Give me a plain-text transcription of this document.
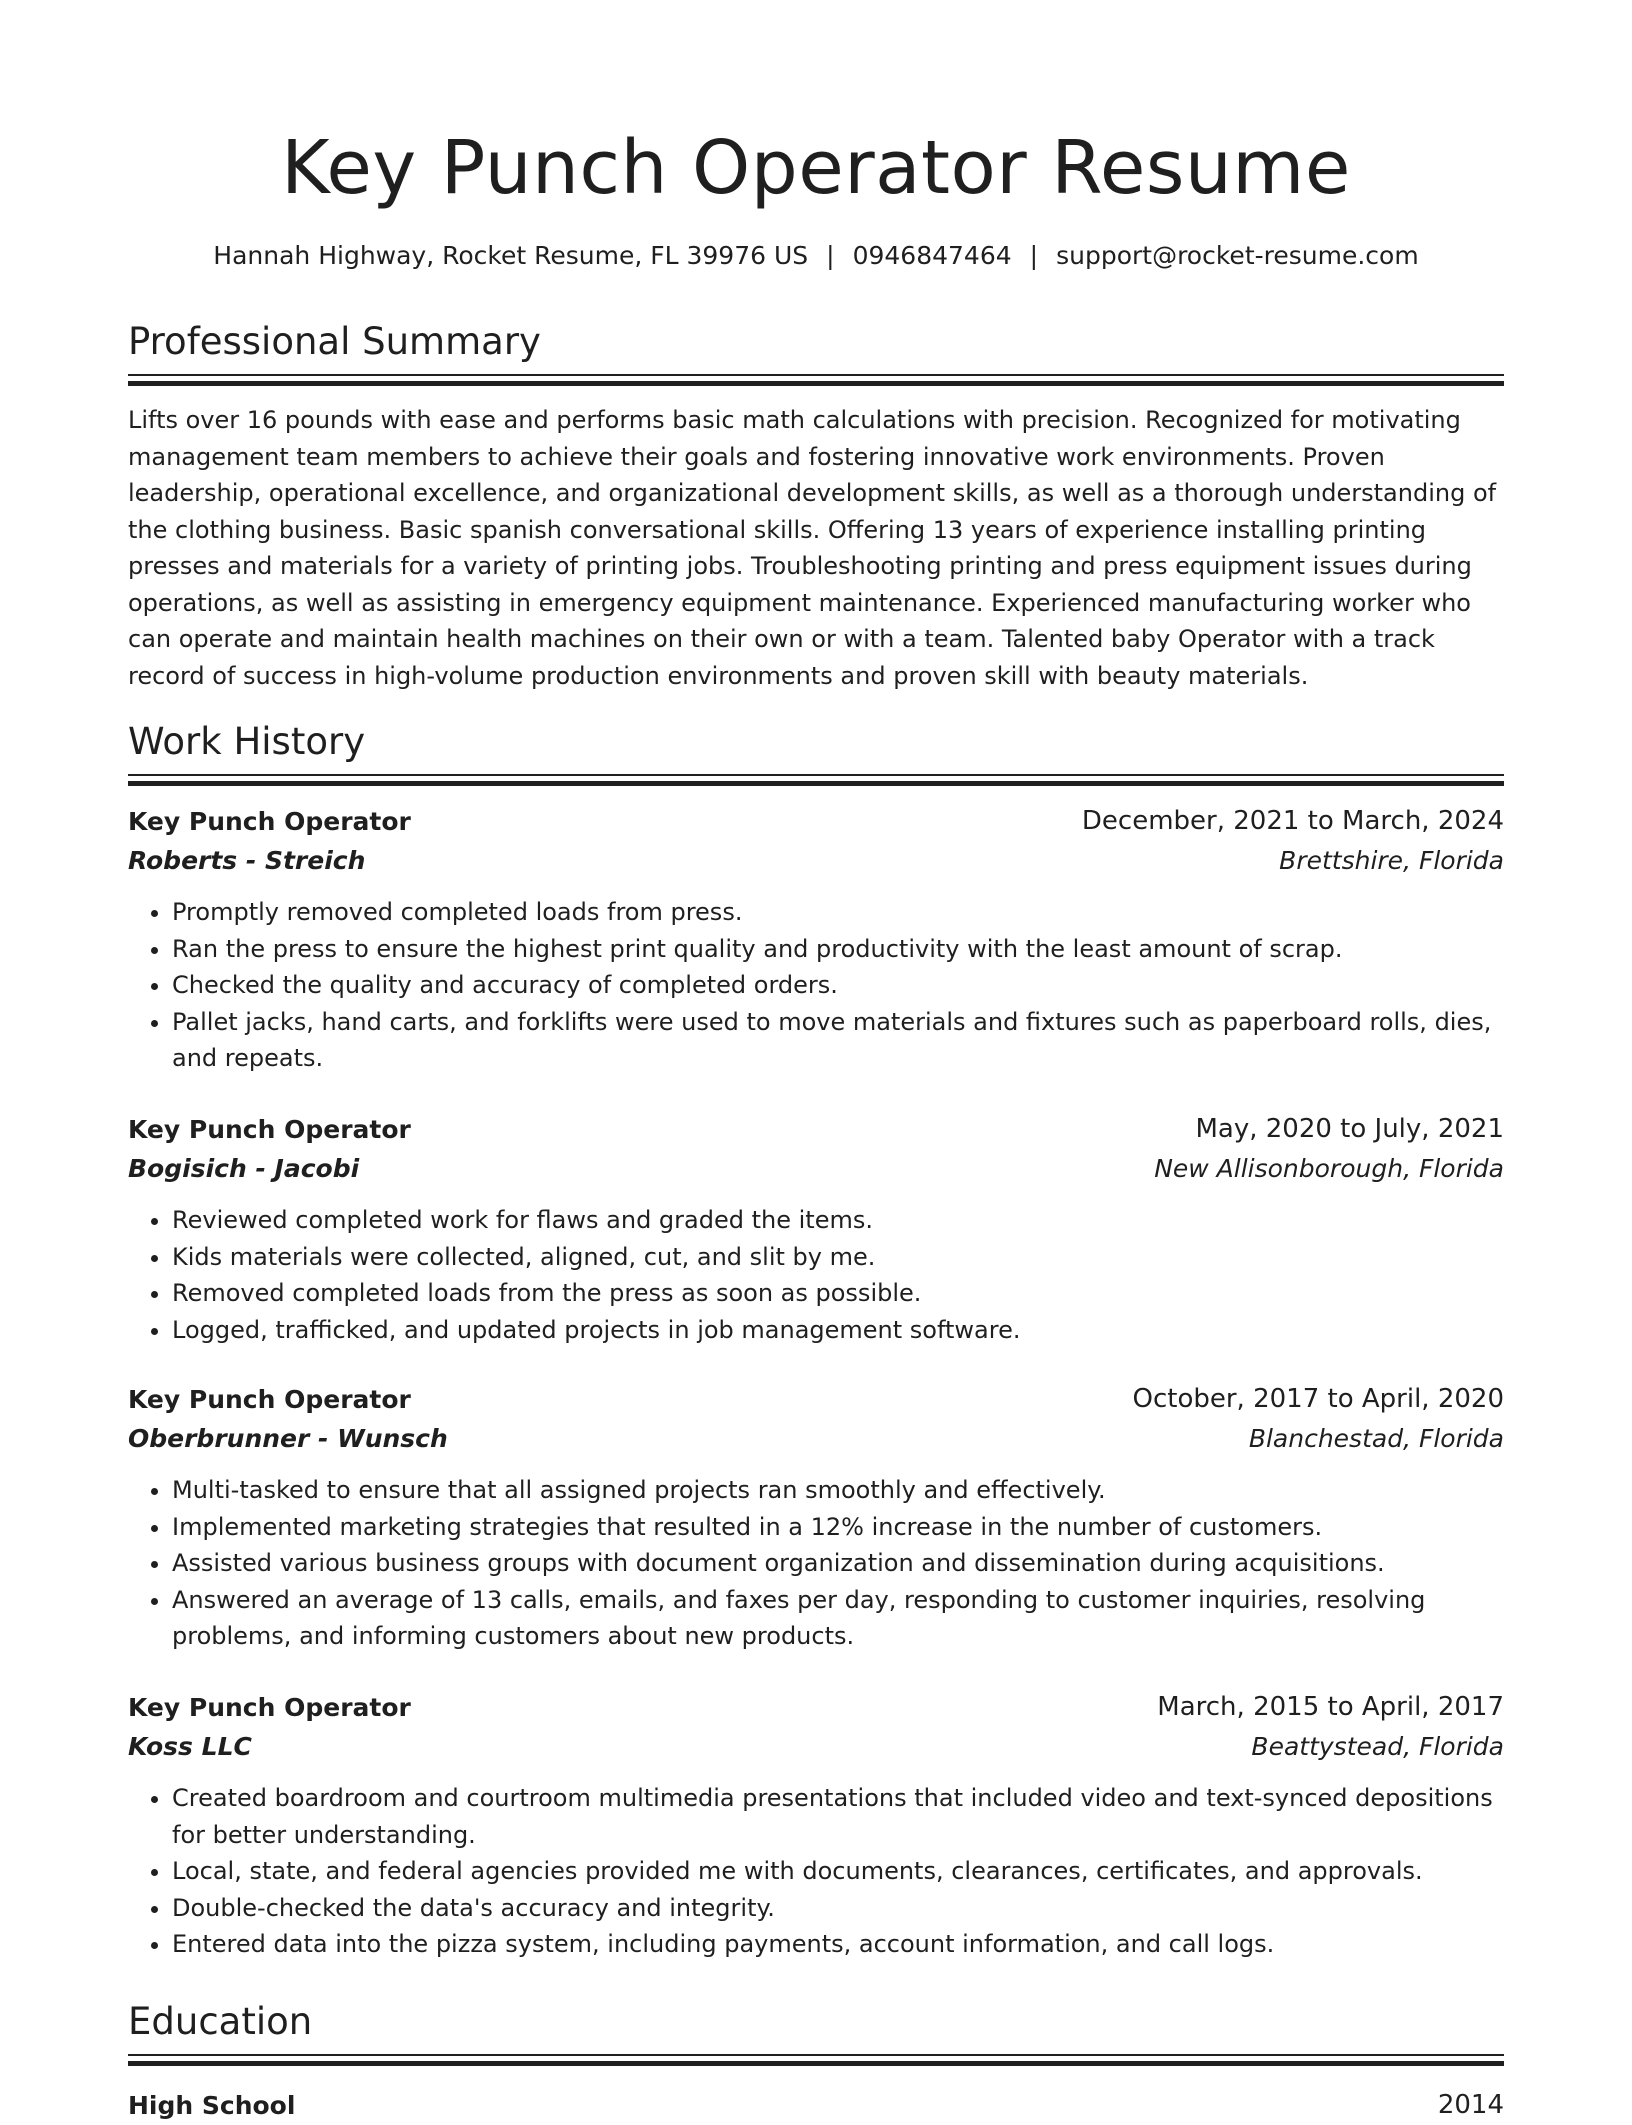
Key Punch Operator Resume
Hannah Highway, Rocket Resume, FL 39976 US | 0946847464 | support@rocket-resume.com
Professional Summary

Lifts over 16 pounds with ease and performs basic math calculations with precision. Recognized for motivating management team members to achieve their goals and fostering innovative work environments. Proven leadership, operational excellence, and organizational development skills, as well as a thorough understanding of the clothing business. Basic spanish conversational skills. Offering 13 years of experience installing printing presses and materials for a variety of printing jobs. Troubleshooting printing and press equipment issues during operations, as well as assisting in emergency equipment maintenance. Experienced manufacturing worker who can operate and maintain health machines on their own or with a team. Talented baby Operator with a track record of success in high-volume production environments and proven skill with beauty materials.

Work History
Key Punch Operator	December, 2021 to March, 2024
Roberts - Streich	Brettshire, Florida
• Promptly removed completed loads from press.
• Ran the press to ensure the highest print quality and productivity with the least amount of scrap.
• Checked the quality and accuracy of completed orders.
• Pallet jacks, hand carts, and forklifts were used to move materials and fixtures such as paperboard rolls, dies, and repeats.
Key Punch Operator	May, 2020 to July, 2021
Bogisich - Jacobi	New Allisonborough, Florida
• Reviewed completed work for flaws and graded the items.
• Kids materials were collected, aligned, cut, and slit by me.
• Removed completed loads from the press as soon as possible.
• Logged, trafficked, and updated projects in job management software.
Key Punch Operator	October, 2017 to April, 2020
Oberbrunner - Wunsch	Blanchestad, Florida
• Multi-tasked to ensure that all assigned projects ran smoothly and effectively.
• Implemented marketing strategies that resulted in a 12% increase in the number of customers.
• Assisted various business groups with document organization and dissemination during acquisitions.
• Answered an average of 13 calls, emails, and faxes per day, responding to customer inquiries, resolving problems, and informing customers about new products.
Key Punch Operator	March, 2015 to April, 2017
Koss LLC	Beattystead, Florida
• Created boardroom and courtroom multimedia presentations that included video and text-synced depositions for better understanding.
• Local, state, and federal agencies provided me with documents, clearances, certificates, and approvals.
• Double-checked the data's accuracy and integrity.
• Entered data into the pizza system, including payments, account information, and call logs.
Education
High School	2014
